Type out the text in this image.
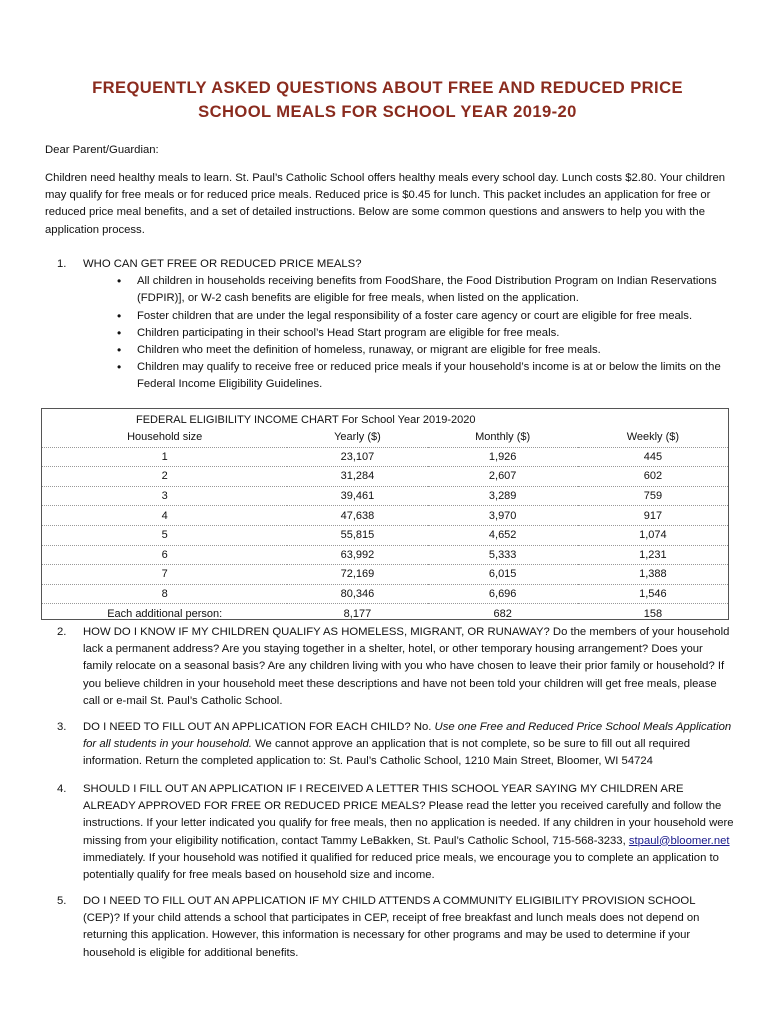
FREQUENTLY ASKED QUESTIONS ABOUT FREE AND REDUCED PRICE
SCHOOL MEALS FOR SCHOOL YEAR 2019-20

Dear Parent/Guardian:

Children need healthy meals to learn. St. Paul’s Catholic School offers healthy meals every school day. Lunch costs $2.80. Your children may qualify for free meals or for reduced price meals. Reduced price is $0.45 for lunch. This packet includes an application for free or reduced price meal benefits, and a set of detailed instructions. Below are some common questions and answers to help you with the application process.

1. WHO CAN GET FREE OR REDUCED PRICE MEALS?
• All children in households receiving benefits from FoodShare, the Food Distribution Program on Indian Reservations (FDPIR)], or W-2 cash benefits are eligible for free meals, when listed on the application.
• Foster children that are under the legal responsibility of a foster care agency or court are eligible for free meals.
• Children participating in their school’s Head Start program are eligible for free meals.
• Children who meet the definition of homeless, runaway, or migrant are eligible for free meals.
• Children may qualify to receive free or reduced price meals if your household’s income is at or below the limits on the Federal Income Eligibility Guidelines.
FEDERAL ELIGIBILITY INCOME CHART For School Year 2019-2020
Household size	Yearly ($)	Monthly ($)	Weekly ($)
1	23,107	1,926	445
2	31,284	2,607	602
3	39,461	3,289	759
4	47,638	3,970	917
5	55,815	4,652	1,074
6	63,992	5,333	1,231
7	72,169	6,015	1,388
8	80,346	6,696	1,546
Each additional person:	8,177	682	158
2. HOW DO I KNOW IF MY CHILDREN QUALIFY AS HOMELESS, MIGRANT, OR RUNAWAY? Do the members of your household lack a permanent address? Are you staying together in a shelter, hotel, or other temporary housing arrangement? Does your family relocate on a seasonal basis? Are any children living with you who have chosen to leave their prior family or household? If you believe children in your household meet these descriptions and have not been told your children will get free meals, please call or e-mail St. Paul’s Catholic School.
3. DO I NEED TO FILL OUT AN APPLICATION FOR EACH CHILD? No. Use one Free and Reduced Price School Meals Application for all students in your household. We cannot approve an application that is not complete, so be sure to fill out all required information. Return the completed application to: St. Paul’s Catholic School, 1210 Main Street, Bloomer, WI 54724
4. SHOULD I FILL OUT AN APPLICATION IF I RECEIVED A LETTER THIS SCHOOL YEAR SAYING MY CHILDREN ARE ALREADY APPROVED FOR FREE OR REDUCED PRICE MEALS? Please read the letter you received carefully and follow the instructions. If your letter indicated you qualify for free meals, then no application is needed. If any children in your household were missing from your eligibility notification, contact Tammy LeBakken, St. Paul’s Catholic School, 715-568-3233, stpaul@bloomer.net immediately. If your household was notified it qualified for reduced price meals, we encourage you to complete an application to potentially qualify for free meals based on household size and income.
5. DO I NEED TO FILL OUT AN APPLICATION IF MY CHILD ATTENDS A COMMUNITY ELIGIBILITY PROVISION SCHOOL (CEP)? If your child attends a school that participates in CEP, receipt of free breakfast and lunch meals does not depend on returning this application. However, this information is necessary for other programs and may be used to determine if your household is eligible for additional benefits.
